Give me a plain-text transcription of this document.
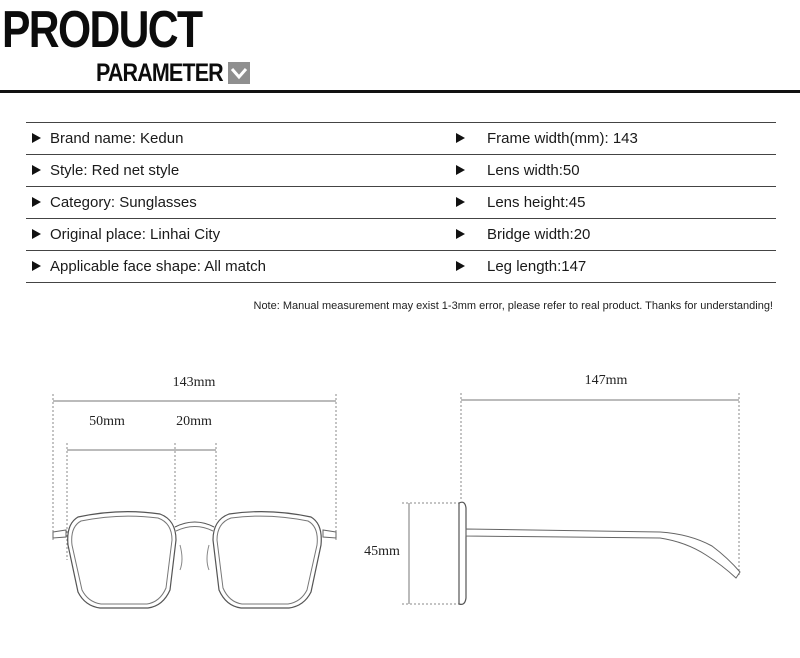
PRODUCT
PARAMETER
Brand name: Kedun	Frame width(mm): 143
Style: Red net style	Lens width:50
Category: Sunglasses	Lens height:45
Original place: Linhai City	Bridge width:20
Applicable face shape: All match	Leg length:147
Note: Manual measurement may exist 1-3mm error, please refer to real product. Thanks for understanding!
143mm
50mm	20mm
147mm
45mm
